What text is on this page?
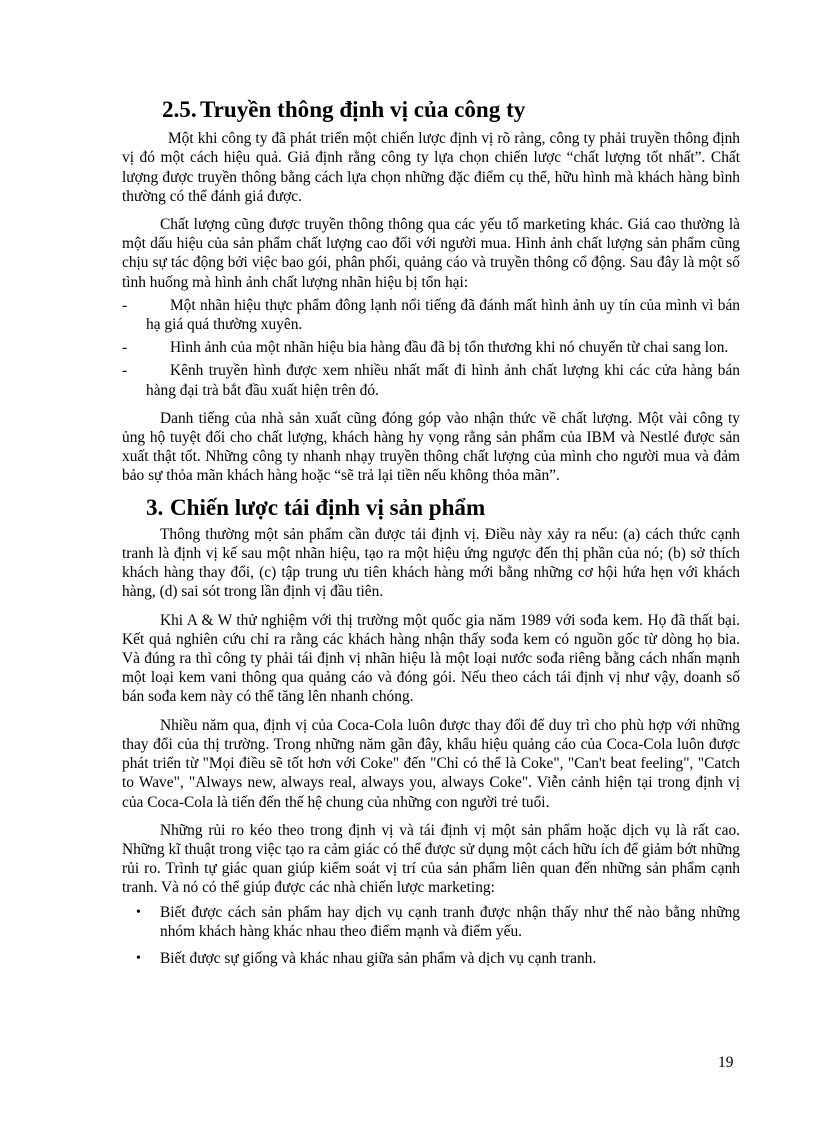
2.5. Truyền thông định vị của công ty

Một khi công ty đã phát triển một chiến lược định vị rõ ràng, công ty phải truyền thông định vị đó một cách hiệu quả. Giả định rằng công ty lựa chọn chiến lược “chất lượng tốt nhất”. Chất lượng được truyền thông bằng cách lựa chọn những đặc điểm cụ thể, hữu hình mà khách hàng bình thường có thể đánh giá được.

Chất lượng cũng được truyền thông thông qua các yếu tố marketing khác. Giá cao thường là một dấu hiệu của sản phẩm chất lượng cao đối với người mua. Hình ảnh chất lượng sản phẩm cũng chịu sự tác động bởi việc bao gói, phân phối, quảng cáo và truyền thông cổ động. Sau đây là một số tình huống mà hình ảnh chất lượng nhãn hiệu bị tổn hại:

-	Một nhãn hiệu thực phẩm đông lạnh nổi tiếng đã đánh mất hình ảnh uy tín của mình vì bán hạ giá quá thường xuyên.
-	Hình ảnh của một nhãn hiệu bia hàng đầu đã bị tổn thương khi nó chuyển từ chai sang lon.
-	Kênh truyền hình được xem nhiều nhất mất đi hình ảnh chất lượng khi các cửa hàng bán hàng đại trà bắt đầu xuất hiện trên đó.

Danh tiếng của nhà sản xuất cũng đóng góp vào nhận thức về chất lượng. Một vài công ty ủng hộ tuyệt đối cho chất lượng, khách hàng hy vọng rằng sản phẩm của IBM và Nestlé được sản xuất thật tốt. Những công ty nhanh nhạy truyền thông chất lượng của mình cho người mua và đảm bảo sự thỏa mãn khách hàng hoặc “sẽ trả lại tiền nếu không thỏa mãn”.

3. Chiến lược tái định vị sản phẩm

Thông thường một sản phẩm cần được tái định vị. Điều này xảy ra nếu: (a) cách thức cạnh tranh là định vị kế sau một nhãn hiệu, tạo ra một hiệu ứng ngược đến thị phần của nó; (b) sở thích khách hàng thay đổi, (c) tập trung ưu tiên khách hàng mới bằng những cơ hội hứa hẹn với khách hàng, (d) sai sót trong lần định vị đầu tiên.

Khi A & W thử nghiệm với thị trường một quốc gia năm 1989 với sođa kem. Họ đã thất bại. Kết quả nghiên cứu chỉ ra rằng các khách hàng nhận thấy sođa kem có nguồn gốc từ dòng họ bia. Và đúng ra thì công ty phải tái định vị nhãn hiệu là một loại nước sođa riêng bằng cách nhấn mạnh một loại kem vani thông qua quảng cáo và đóng gói. Nếu theo cách tái định vị như vậy, doanh số bán sođa kem này có thể tăng lên nhanh chóng.

Nhiều năm qua, định vị của Coca-Cola luôn được thay đổi để duy trì cho phù hợp với những thay đổi của thị trường. Trong những năm gần đây, khẩu hiệu quảng cáo của Coca-Cola luôn được phát triển từ "Mọi điều sẽ tốt hơn với Coke" đến "Chỉ có thể là Coke", "Can't beat feeling", "Catch to Wave", "Always new, always real, always you, always Coke". Viễn cảnh hiện tại trong định vị của Coca-Cola là tiến đến thế hệ chung của những con người trẻ tuổi.

Những rủi ro kéo theo trong định vị và tái định vị một sản phẩm hoặc dịch vụ là rất cao. Những kĩ thuật trong việc tạo ra cảm giác có thể được sử dụng một cách hữu ích để giảm bớt những rủi ro. Trình tự giác quan giúp kiểm soát vị trí của sản phẩm liên quan đến những sản phẩm cạnh tranh. Và nó có thể giúp được các nhà chiến lược marketing:

• Biết được cách sản phẩm hay dịch vụ cạnh tranh được nhận thấy như thế nào bằng những nhóm khách hàng khác nhau theo điểm mạnh và điểm yếu.
• Biết được sự giống và khác nhau giữa sản phẩm và dịch vụ cạnh tranh.
19
